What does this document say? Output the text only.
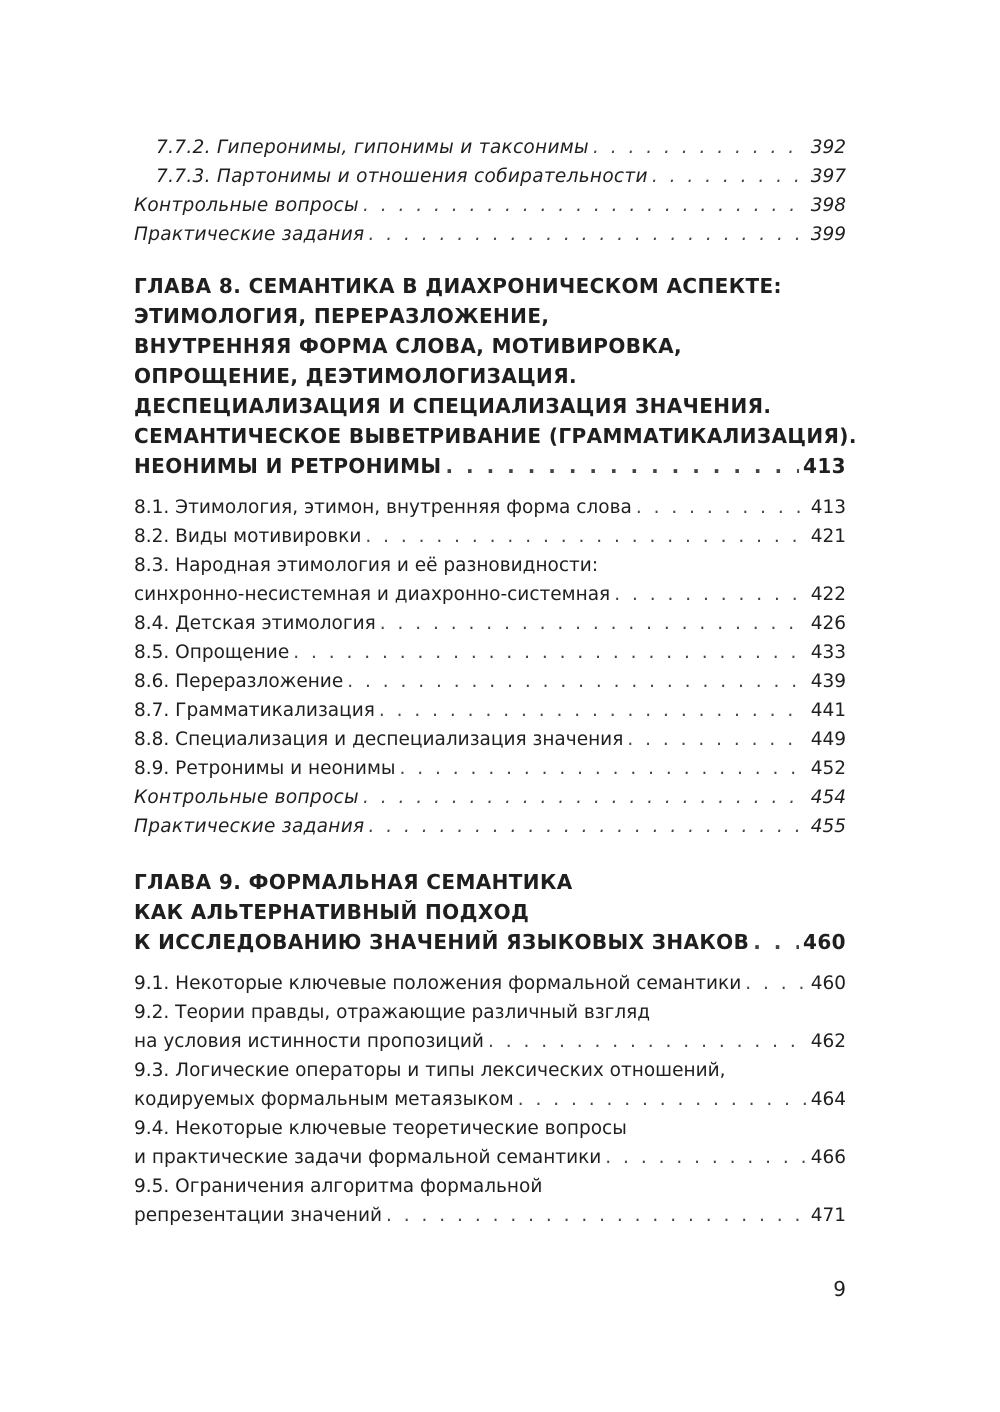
7.7.2. Гиперонимы, гипонимы и таксонимы . . .	392
7.7.3. Партонимы и отношения собирательности . . .	397
Контрольные вопросы . . .	398
Практические задания . . .	399
ГЛАВА 8. СЕМАНТИКА В ДИАХРОНИЧЕСКОМ АСПЕКТЕ:
ЭТИМОЛОГИЯ, ПЕРЕРАЗЛОЖЕНИЕ,
ВНУТРЕННЯЯ ФОРМА СЛОВА, МОТИВИРОВКА,
ОПРОЩЕНИЕ, ДЕЭТИМОЛОГИЗАЦИЯ.
ДЕСПЕЦИАЛИЗАЦИЯ И СПЕЦИАЛИЗАЦИЯ ЗНАЧЕНИЯ.
СЕМАНТИЧЕСКОЕ ВЫВЕТРИВАНИЕ (ГРАММАТИКАЛИЗАЦИЯ).
НЕОНИМЫ И РЕТРОНИМЫ . . .	413
8.1. Этимология, этимон, внутренняя форма слова . . .	413
8.2. Виды мотивировки . . .	421
8.3. Народная этимология и её разновидности:
синхронно-несистемная и диахронно-системная . . .	422
8.4. Детская этимология . . .	426
8.5. Опрощение . . .	433
8.6. Переразложение . . .	439
8.7. Грамматикализация . . .	441
8.8. Специализация и деспециализация значения . . .	449
8.9. Ретронимы и неонимы . . .	452
Контрольные вопросы . . .	454
Практические задания . . .	455
ГЛАВА 9. ФОРМАЛЬНАЯ СЕМАНТИКА
КАК АЛЬТЕРНАТИВНЫЙ ПОДХОД
К ИССЛЕДОВАНИЮ ЗНАЧЕНИЙ ЯЗЫКОВЫХ ЗНАКОВ . . .	460
9.1. Некоторые ключевые положения формальной семантики . . .	460
9.2. Теории правды, отражающие различный взгляд
на условия истинности пропозиций . . .	462
9.3. Логические операторы и типы лексических отношений,
кодируемых формальным метаязыком . . .	464
9.4. Некоторые ключевые теоретические вопросы
и практические задачи формальной семантики . . .	466
9.5. Ограничения алгоритма формальной
репрезентации значений . . .	471
9
